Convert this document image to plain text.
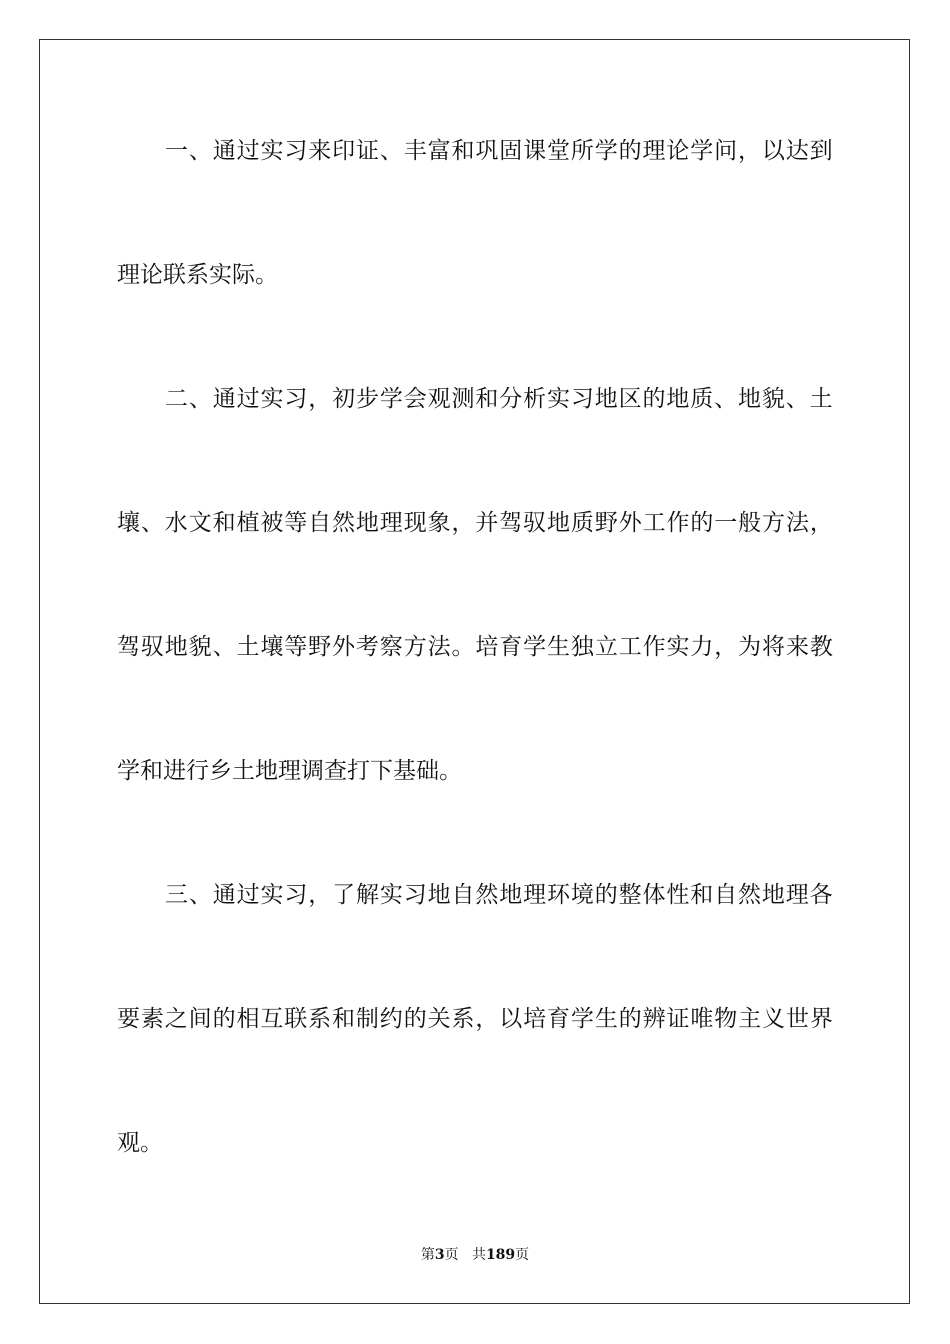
一 、 通 过 实 习 来 印 证 、 丰 富 和 巩 固 课 堂 所 学 的 理 论 学 问 ， 以 达 到
理论联系实际。
二 、 通 过 实 习 ， 初 步 学 会 观 测 和 分 析 实 习 地 区 的 地 质 、 地 貌 、 土
壤 、 水 文 和 植 被 等 自 然 地 理 现 象 ， 并 驾 驭 地 质 野 外 工 作 的 一 般 方 法 ，
驾 驭 地 貌 、 土 壤 等 野 外 考 察 方 法 。 培 育 学 生 独 立 工 作 实 力 ， 为 将 来 教
学和进行乡土地理调查打下基础。
三 、 通 过 实 习 ， 了 解 实 习 地 自 然 地 理 环 境 的 整 体 性 和 自 然 地 理 各
要 素 之 间 的 相 互 联 系 和 制 约 的 关 系 ， 以 培 育 学 生 的 辨 证 唯 物 主 义 世 界
观。
第3页 共189页
